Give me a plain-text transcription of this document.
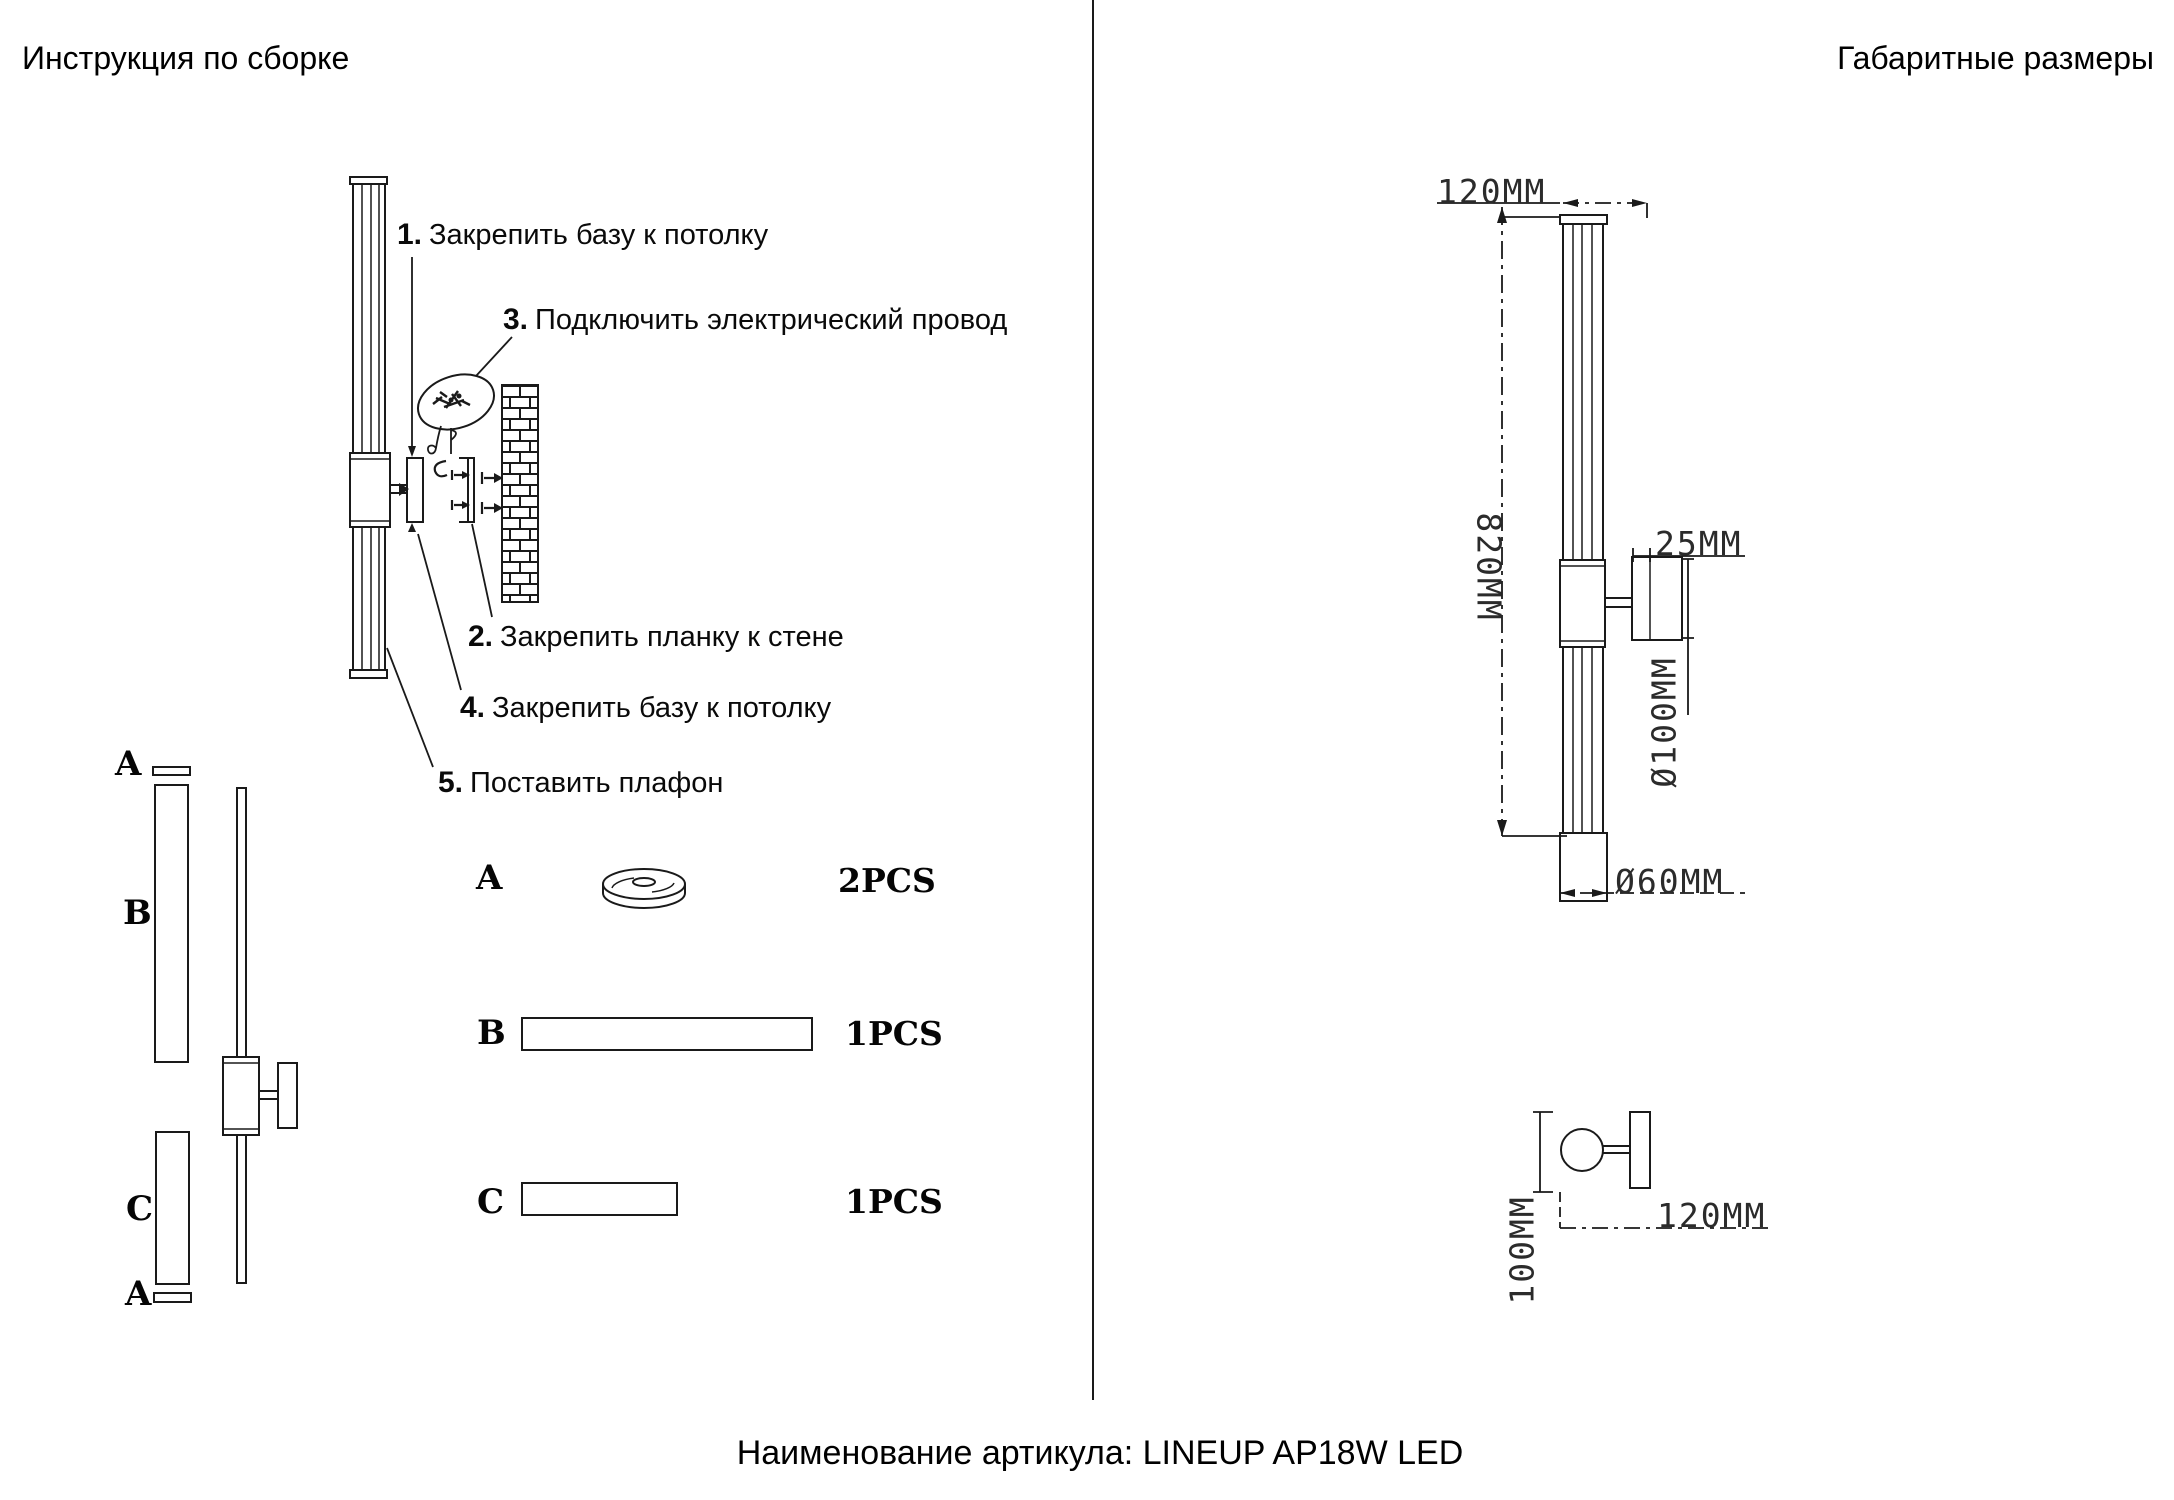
Инструкция по сборке	Габаритные размеры
1. Закрепить базу к потолку
3. Подключить электрический провод
2. Закрепить планку к стене
4. Закрепить базу к потолку
5. Поставить плафон
A
B
C
A
A	2PCS
B	1PCS
C	1PCS
120MM
820MM	25MM
Ø100MM
Ø60MM
100MM	120MM
Наименование артикула: LINEUP AP18W LED
